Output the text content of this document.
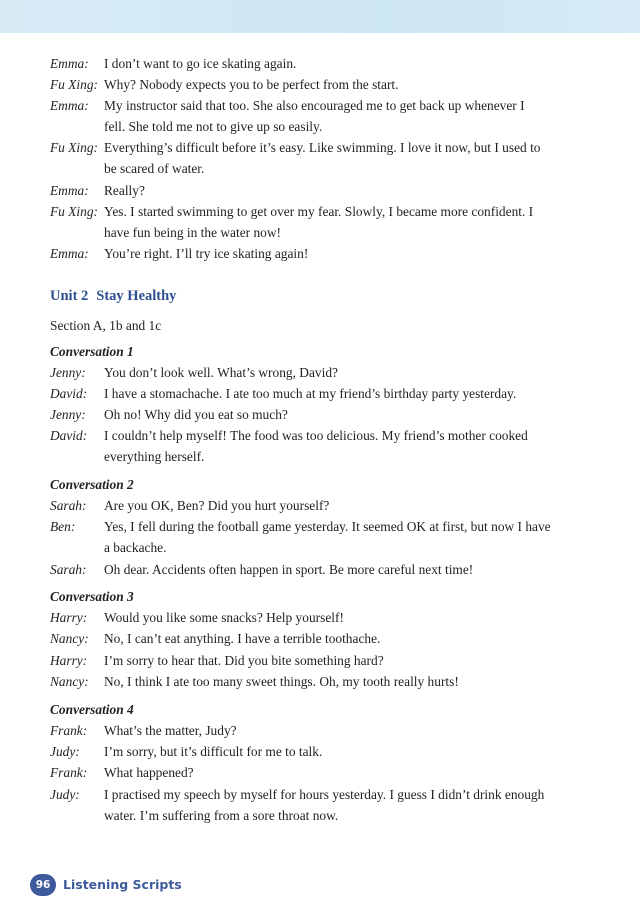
Emma: I don’t want to go ice skating again.
Fu Xing: Why? Nobody expects you to be perfect from the start.
Emma: My instructor said that too. She also encouraged me to get back up whenever I
fell. She told me not to give up so easily.
Fu Xing: Everything’s difficult before it’s easy. Like swimming. I love it now, but I used to
be scared of water.
Emma: Really?
Fu Xing: Yes. I started swimming to get over my fear. Slowly, I became more confident. I
have fun being in the water now!
Emma: You’re right. I’ll try ice skating again!
Unit 2 Stay Healthy
Section A, 1b and 1c
Conversation 1
Jenny: You don’t look well. What’s wrong, David?
David: I have a stomachache. I ate too much at my friend’s birthday party yesterday.
Jenny: Oh no! Why did you eat so much?
David: I couldn’t help myself! The food was too delicious. My friend’s mother cooked
everything herself.
Conversation 2
Sarah: Are you OK, Ben? Did you hurt yourself?
Ben: Yes, I fell during the football game yesterday. It seemed OK at first, but now I have
a backache.
Sarah: Oh dear. Accidents often happen in sport. Be more careful next time!
Conversation 3
Harry: Would you like some snacks? Help yourself!
Nancy: No, I can’t eat anything. I have a terrible toothache.
Harry: I’m sorry to hear that. Did you bite something hard?
Nancy: No, I think I ate too many sweet things. Oh, my tooth really hurts!
Conversation 4
Frank: What’s the matter, Judy?
Judy: I’m sorry, but it’s difficult for me to talk.
Frank: What happened?
Judy: I practised my speech by myself for hours yesterday. I guess I didn’t drink enough
water. I’m suffering from a sore throat now.
96	Listening Scripts
